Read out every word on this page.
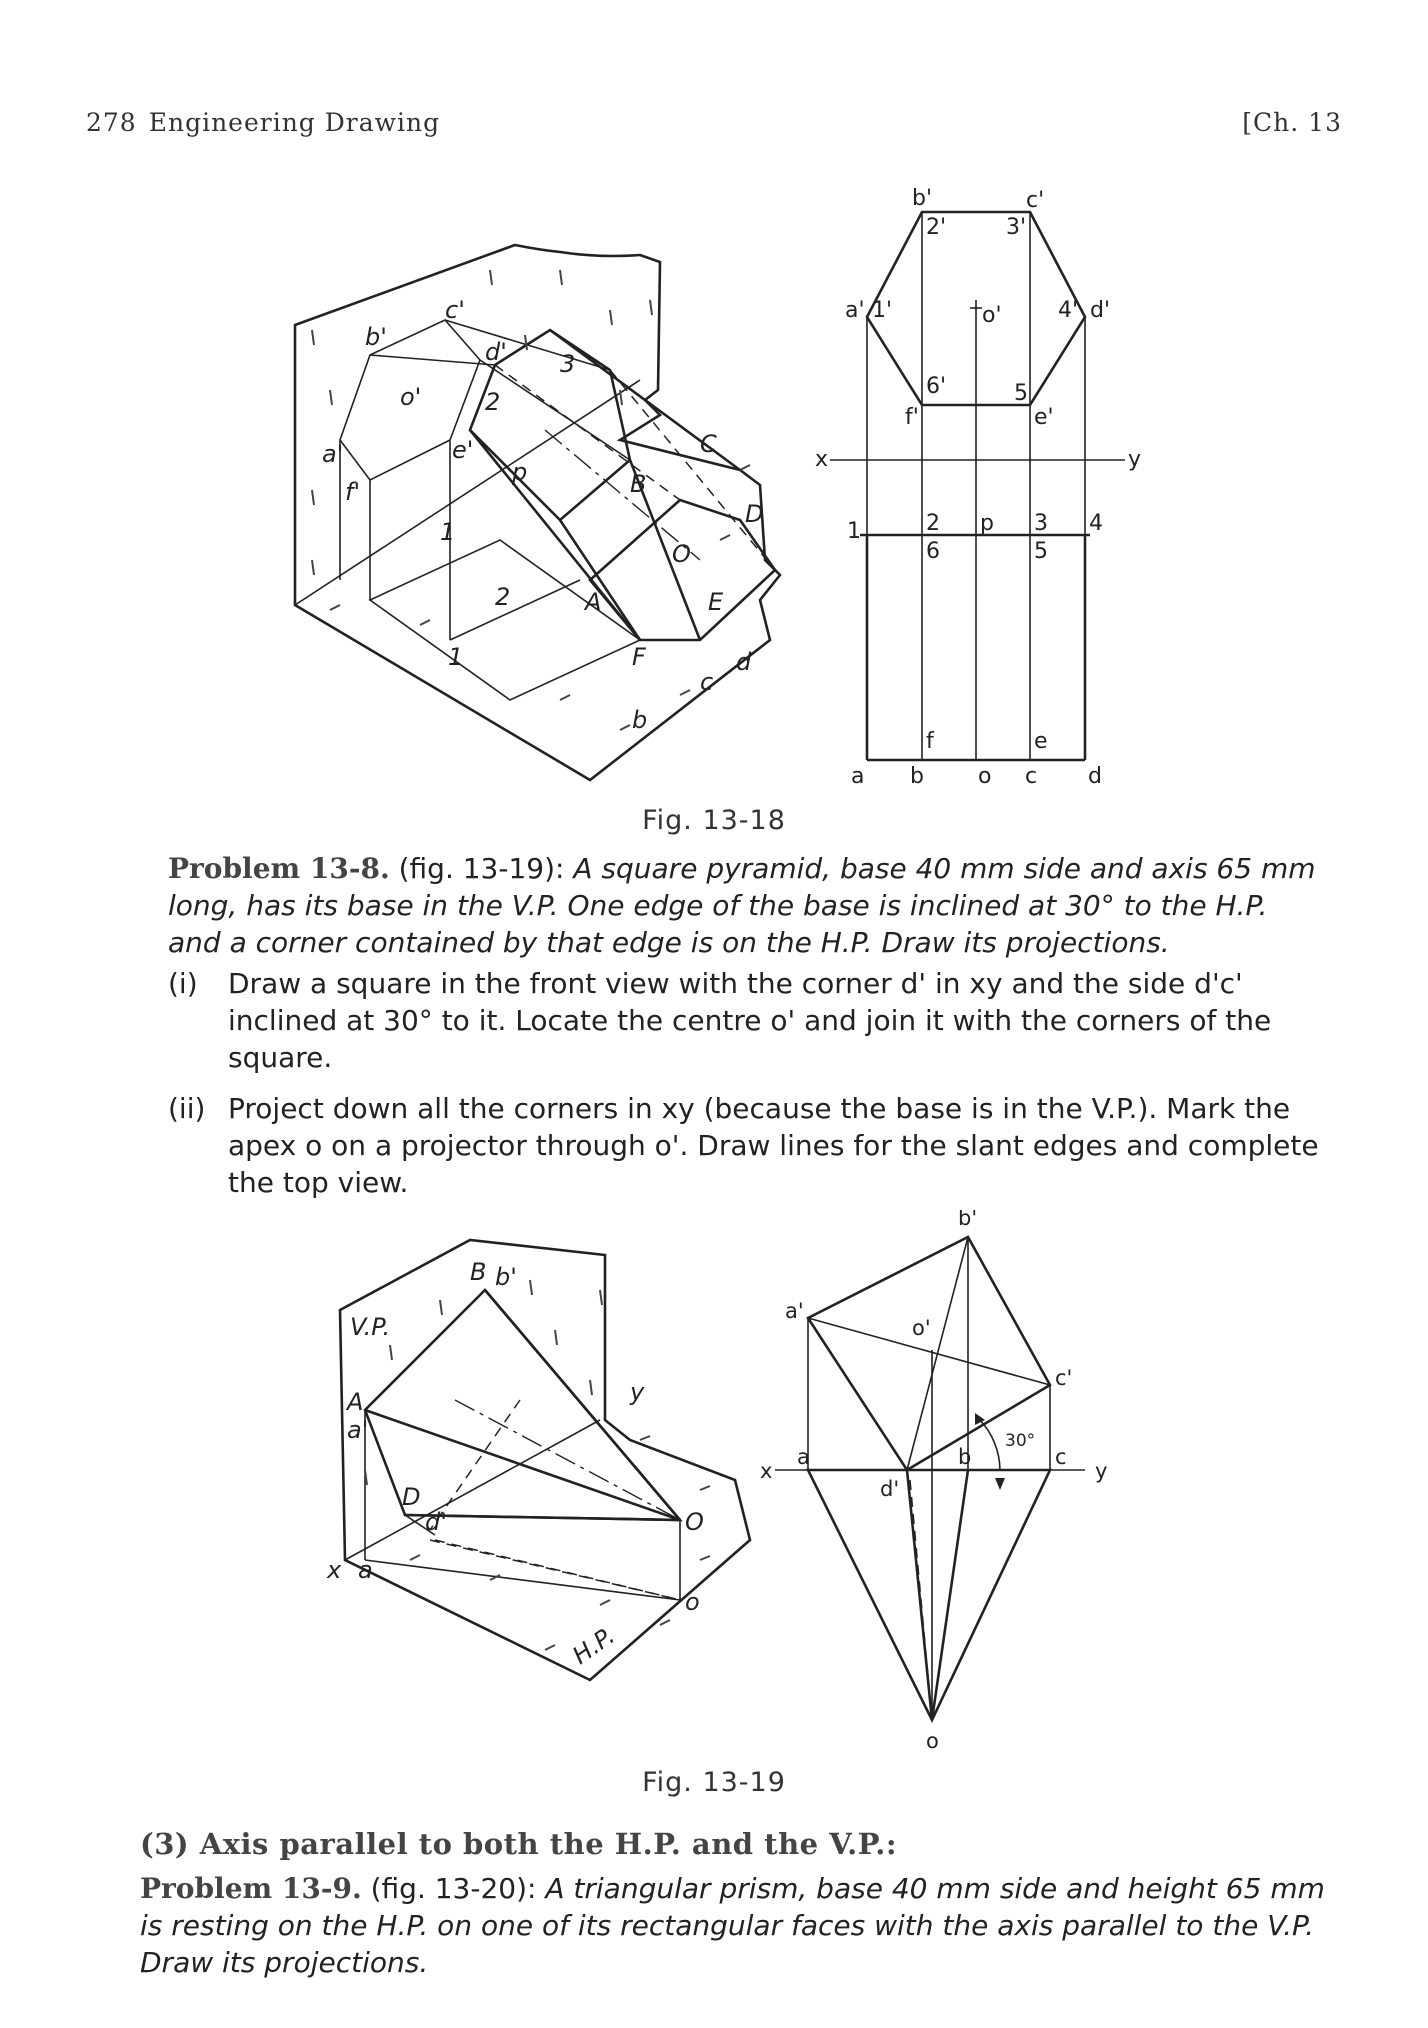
278 Engineering Drawing	[Ch. 13
c'
b'
d'
o'
a'	e'
f'
3
2
p
1
2
1
C
B
D
O
E
A
F
b
c
d
b'	c'
2'	3'
a' 1'	o'	4' d'
6'	5
f'	e'
x	y
1	2 p 3 4
6	5
f	e
a b o c d
Fig. 13-18
Problem 13-8. (fig. 13-19): A square pyramid, base 40 mm side and axis 65 mm long, has its base in the V.P. One edge of the base is inclined at 30° to the H.P. and a corner contained by that edge is on the H.P. Draw its projections.
(i)	Draw a square in the front view with the corner d' in xy and the side d'c' inclined at 30° to it. Locate the centre o' and join it with the corners of the square.
(ii) Project down all the corners in xy (because the base is in the V.P.). Mark the apex o on a projector through o'. Draw lines for the slant edges and complete the top view.
V.P.
B b'
A
a'
y
D
d'	O
x a
o
H.P.
b'
a'
o'
c'
x
a	b
30°
c
y
d'
o
Fig. 13-19
(3) Axis parallel to both the H.P. and the V.P.:
Problem 13-9. (fig. 13-20): A triangular prism, base 40 mm side and height 65 mm is resting on the H.P. on one of its rectangular faces with the axis parallel to the V.P. Draw its projections.
